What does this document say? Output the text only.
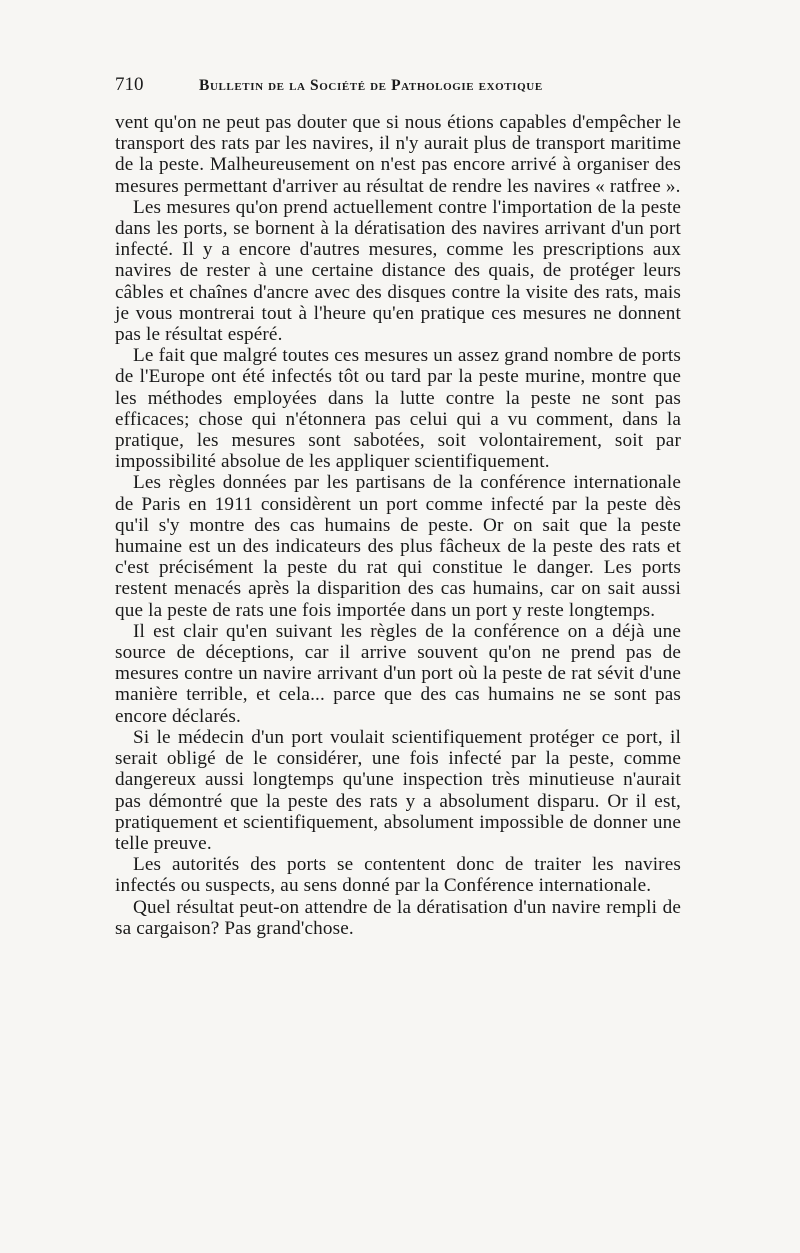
710	Bulletin de la Société de Pathologie exotique

vent qu'on ne peut pas douter que si nous étions capables d'empêcher le transport des rats par les navires, il n'y aurait plus de transport maritime de la peste. Malheureusement on n'est pas encore arrivé à organiser des mesures permettant d'arriver au résultat de rendre les navires « ratfree ».

Les mesures qu'on prend actuellement contre l'importation de la peste dans les ports, se bornent à la dératisation des navires arrivant d'un port infecté. Il y a encore d'autres mesures, comme les prescriptions aux navires de rester à une certaine distance des quais, de protéger leurs câbles et chaînes d'ancre avec des disques contre la visite des rats, mais je vous montrerai tout à l'heure qu'en pratique ces mesures ne donnent pas le résultat espéré.

Le fait que malgré toutes ces mesures un assez grand nombre de ports de l'Europe ont été infectés tôt ou tard par la peste murine, montre que les méthodes employées dans la lutte contre la peste ne sont pas efficaces; chose qui n'étonnera pas celui qui a vu comment, dans la pratique, les mesures sont sabotées, soit volontairement, soit par impossibilité absolue de les appliquer scientifiquement.

Les règles données par les partisans de la conférence internationale de Paris en 1911 considèrent un port comme infecté par la peste dès qu'il s'y montre des cas humains de peste. Or on sait que la peste humaine est un des indicateurs des plus fâcheux de la peste des rats et c'est précisément la peste du rat qui constitue le danger. Les ports restent menacés après la disparition des cas humains, car on sait aussi que la peste de rats une fois importée dans un port y reste longtemps.

Il est clair qu'en suivant les règles de la conférence on a déjà une source de déceptions, car il arrive souvent qu'on ne prend pas de mesures contre un navire arrivant d'un port où la peste de rat sévit d'une manière terrible, et cela... parce que des cas humains ne se sont pas encore déclarés.

Si le médecin d'un port voulait scientifiquement protéger ce port, il serait obligé de le considérer, une fois infecté par la peste, comme dangereux aussi longtemps qu'une inspection très minutieuse n'aurait pas démontré que la peste des rats y a absolument disparu. Or il est, pratiquement et scientifiquement, absolument impossible de donner une telle preuve.

Les autorités des ports se contentent donc de traiter les navires infectés ou suspects, au sens donné par la Conférence internationale.

Quel résultat peut-on attendre de la dératisation d'un navire rempli de sa cargaison? Pas grand'chose.
